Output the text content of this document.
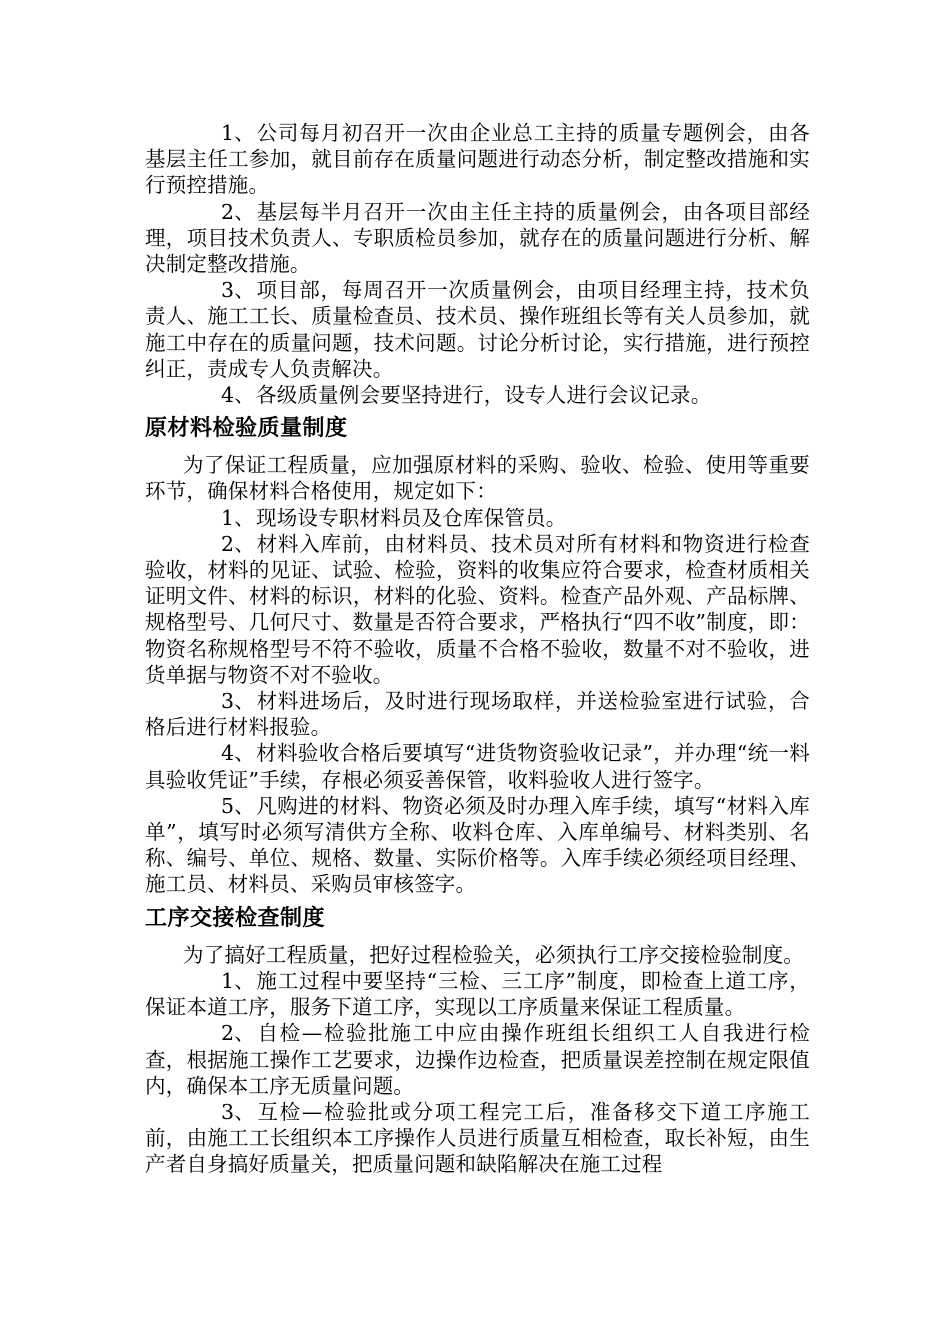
1、公司每月初召开一次由企业总工主持的质量专题例会，由各基层主任工参加，就目前存在质量问题进行动态分析，制定整改措施和实行预控措施。

2、基层每半月召开一次由主任主持的质量例会，由各项目部经理，项目技术负责人、专职质检员参加，就存在的质量问题进行分析、解决制定整改措施。

3、项目部，每周召开一次质量例会，由项目经理主持，技术负责人、施工工长、质量检查员、技术员、操作班组长等有关人员参加，就施工中存在的质量问题，技术问题。讨论分析讨论，实行措施，进行预控纠正，责成专人负责解决。

4、各级质量例会要坚持进行，设专人进行会议记录。

原材料检验质量制度

为了保证工程质量，应加强原材料的采购、验收、检验、使用等重要环节，确保材料合格使用，规定如下：

1、现场设专职材料员及仓库保管员。

2、材料入库前，由材料员、技术员对所有材料和物资进行检查验收，材料的见证、试验、检验，资料的收集应符合要求，检查材质相关证明文件、材料的标识，材料的化验、资料。检查产品外观、产品标牌、规格型号、几何尺寸、数量是否符合要求，严格执行“四不收”制度，即：物资名称规格型号不符不验收，质量不合格不验收，数量不对不验收，进货单据与物资不对不验收。

3、材料进场后，及时进行现场取样，并送检验室进行试验，合格后进行材料报验。

4、材料验收合格后要填写“进货物资验收记录”，并办理“统一料具验收凭证”手续，存根必须妥善保管，收料验收人进行签字。

5、凡购进的材料、物资必须及时办理入库手续，填写“材料入库单”，填写时必须写清供方全称、收料仓库、入库单编号、材料类别、名称、编号、单位、规格、数量、实际价格等。入库手续必须经项目经理、施工员、材料员、采购员审核签字。

工序交接检查制度

为了搞好工程质量，把好过程检验关，必须执行工序交接检验制度。

1、施工过程中要坚持“三检、三工序”制度，即检查上道工序，保证本道工序，服务下道工序，实现以工序质量来保证工程质量。

2、自检—检验批施工中应由操作班组长组织工人自我进行检查，根据施工操作工艺要求，边操作边检查，把质量误差控制在规定限值内，确保本工序无质量问题。

3、互检—检验批或分项工程完工后，准备移交下道工序施工前，由施工工长组织本工序操作人员进行质量互相检查，取长补短，由生产者自身搞好质量关，把质量问题和缺陷解决在施工过程
